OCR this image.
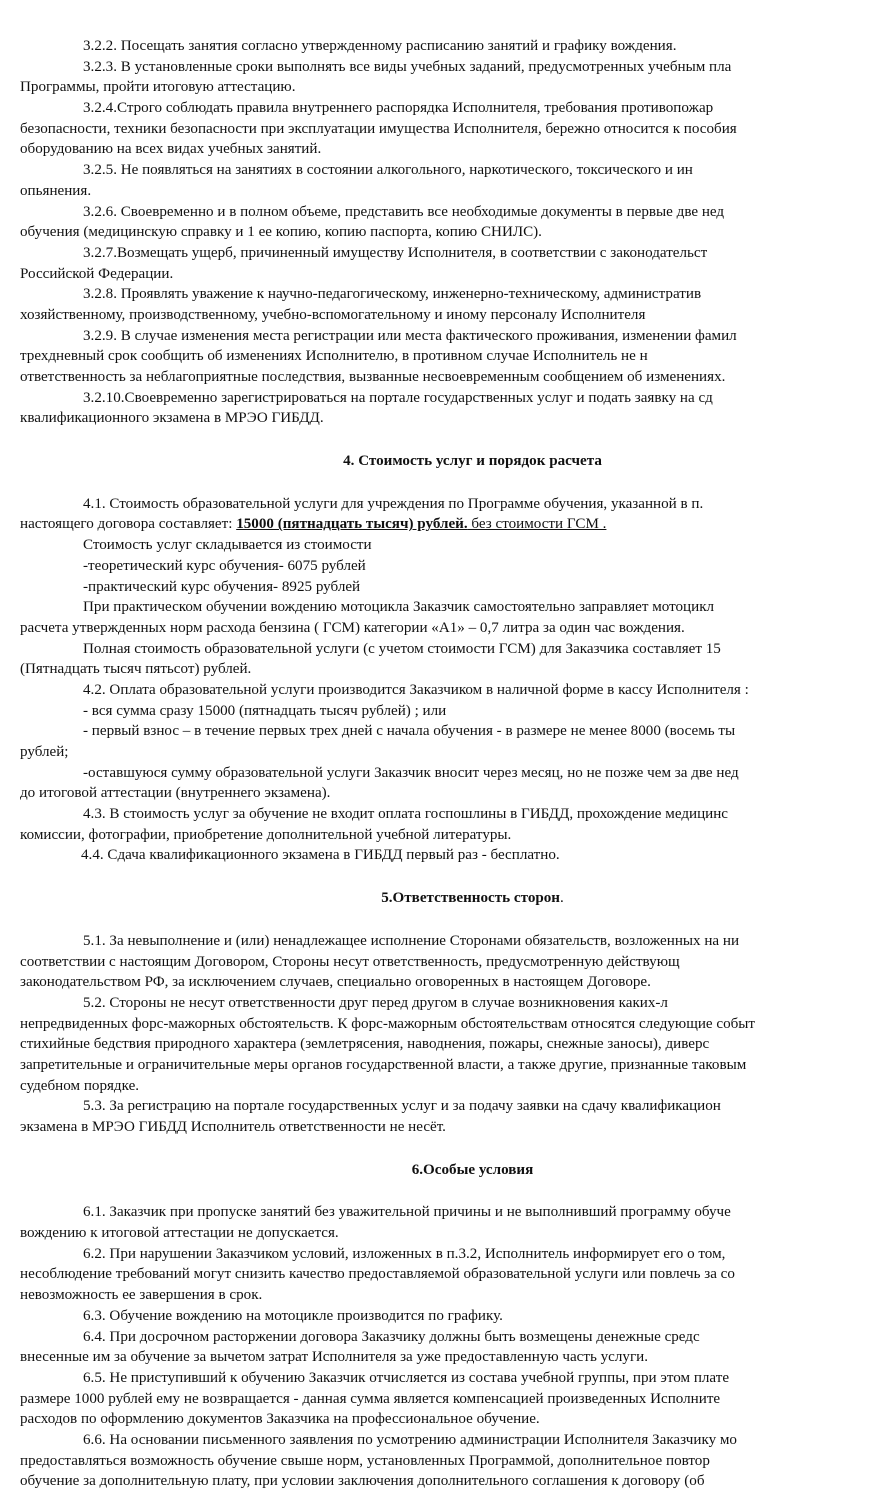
3.2.2. Посещать занятия согласно утвержденному расписанию занятий и графику вождения.
3.2.3. В установленные сроки выполнять все виды учебных заданий, предусмотренных учебным пла
Программы, пройти итоговую аттестацию.
3.2.4.Строго соблюдать правила внутреннего распорядка Исполнителя, требования противопожар
безопасности, техники безопасности при эксплуатации имущества Исполнителя, бережно относится к пособия
оборудованию на всех видах учебных занятий.
3.2.5. Не появляться на занятиях в состоянии алкогольного, наркотического, токсического и ин
опьянения.
3.2.6. Своевременно и в полном объеме, представить все необходимые документы в первые две нед
обучения (медицинскую справку и 1 ее копию, копию паспорта, копию СНИЛС).
3.2.7.Возмещать ущерб, причиненный имуществу Исполнителя, в соответствии с законодательст
Российской Федерации.
3.2.8. Проявлять уважение к научно-педагогическому, инженерно-техническому, административ
хозяйственному, производственному, учебно-вспомогательному и иному персоналу Исполнителя
3.2.9. В случае изменения места регистрации или места фактического проживания, изменении фамил
трехдневный срок сообщить об изменениях Исполнителю, в противном случае Исполнитель не н
ответственность за неблагоприятные последствия, вызванные несвоевременным сообщением об изменениях.
3.2.10.Своевременно зарегистрироваться на портале государственных услуг и подать заявку на сд
квалификационного экзамена в МРЭО ГИБДД.
4. Стоимость услуг и порядок расчета
4.1. Стоимость образовательной услуги для учреждения по Программе обучения, указанной в п.
настоящего договора составляет: 15000 (пятнадцать тысяч) рублей. без стоимости ГСМ .
Стоимость услуг складывается из стоимости
-теоретический курс обучения- 6075 рублей
-практический курс обучения- 8925 рублей
При практическом обучении вождению мотоцикла Заказчик самостоятельно заправляет мотоцикл
расчета утвержденных норм расхода бензина ( ГСМ) категории «А1» – 0,7 литра за один час вождения.
Полная стоимость образовательной услуги (с учетом стоимости ГСМ) для Заказчика составляет 15
(Пятнадцать тысяч пятьсот) рублей.
4.2. Оплата образовательной услуги производится Заказчиком в наличной форме в кассу Исполнителя :
- вся сумма сразу 15000 (пятнадцать тысяч рублей) ; или
- первый взнос – в течение первых трех дней с начала обучения - в размере не менее 8000 (восемь ты
рублей;
-оставшуюся сумму образовательной услуги Заказчик вносит через месяц, но не позже чем за две нед
до итоговой аттестации (внутреннего экзамена).
4.3. В стоимость услуг за обучение не входит оплата госпошлины в ГИБДД, прохождение медицинс
комиссии, фотографии, приобретение дополнительной учебной литературы.
4.4. Сдача квалификационного экзамена в ГИБДД первый раз - бесплатно.
5.Ответственность сторон.
5.1. За невыполнение и (или) ненадлежащее исполнение Сторонами обязательств, возложенных на ни
соответствии с настоящим Договором, Стороны несут ответственность, предусмотренную действующ
законодательством РФ, за исключением случаев, специально оговоренных в настоящем Договоре.
5.2. Стороны не несут ответственности друг перед другом в случае возникновения каких-л
непредвиденных форс-мажорных обстоятельств. К форс-мажорным обстоятельствам относятся следующие событ
стихийные бедствия природного характера (землетрясения, наводнения, пожары, снежные заносы), диверс
запретительные и ограничительные меры органов государственной власти, а также другие, признанные таковым
судебном порядке.
5.3. За регистрацию на портале государственных услуг и за подачу заявки на сдачу квалификацион
экзамена в МРЭО ГИБДД Исполнитель ответственности не несёт.
6.Особые условия
6.1. Заказчик при пропуске занятий без уважительной причины и не выполнивший программу обуче
вождению к итоговой аттестации не допускается.
6.2. При нарушении Заказчиком условий, изложенных в п.3.2, Исполнитель информирует его о том,
несоблюдение требований могут снизить качество предоставляемой образовательной услуги или повлечь за со
невозможность ее завершения в срок.
6.3. Обучение вождению на мотоцикле производится по графику.
6.4. При досрочном расторжении договора Заказчику должны быть возмещены денежные средс
внесенные им за обучение за вычетом затрат Исполнителя за уже предоставленную часть услуги.
6.5. Не приступивший к обучению Заказчик отчисляется из состава учебной группы, при этом плате
размере 1000 рублей ему не возвращается - данная сумма является компенсацией произведенных Исполните
расходов по оформлению документов Заказчика на профессиональное обучение.
6.6. На основании письменного заявления по усмотрению администрации Исполнителя Заказчику мо
предоставляться возможность обучение свыше норм, установленных Программой, дополнительное повтор
обучение за дополнительную плату, при условии заключения дополнительного соглашения к договору (об
